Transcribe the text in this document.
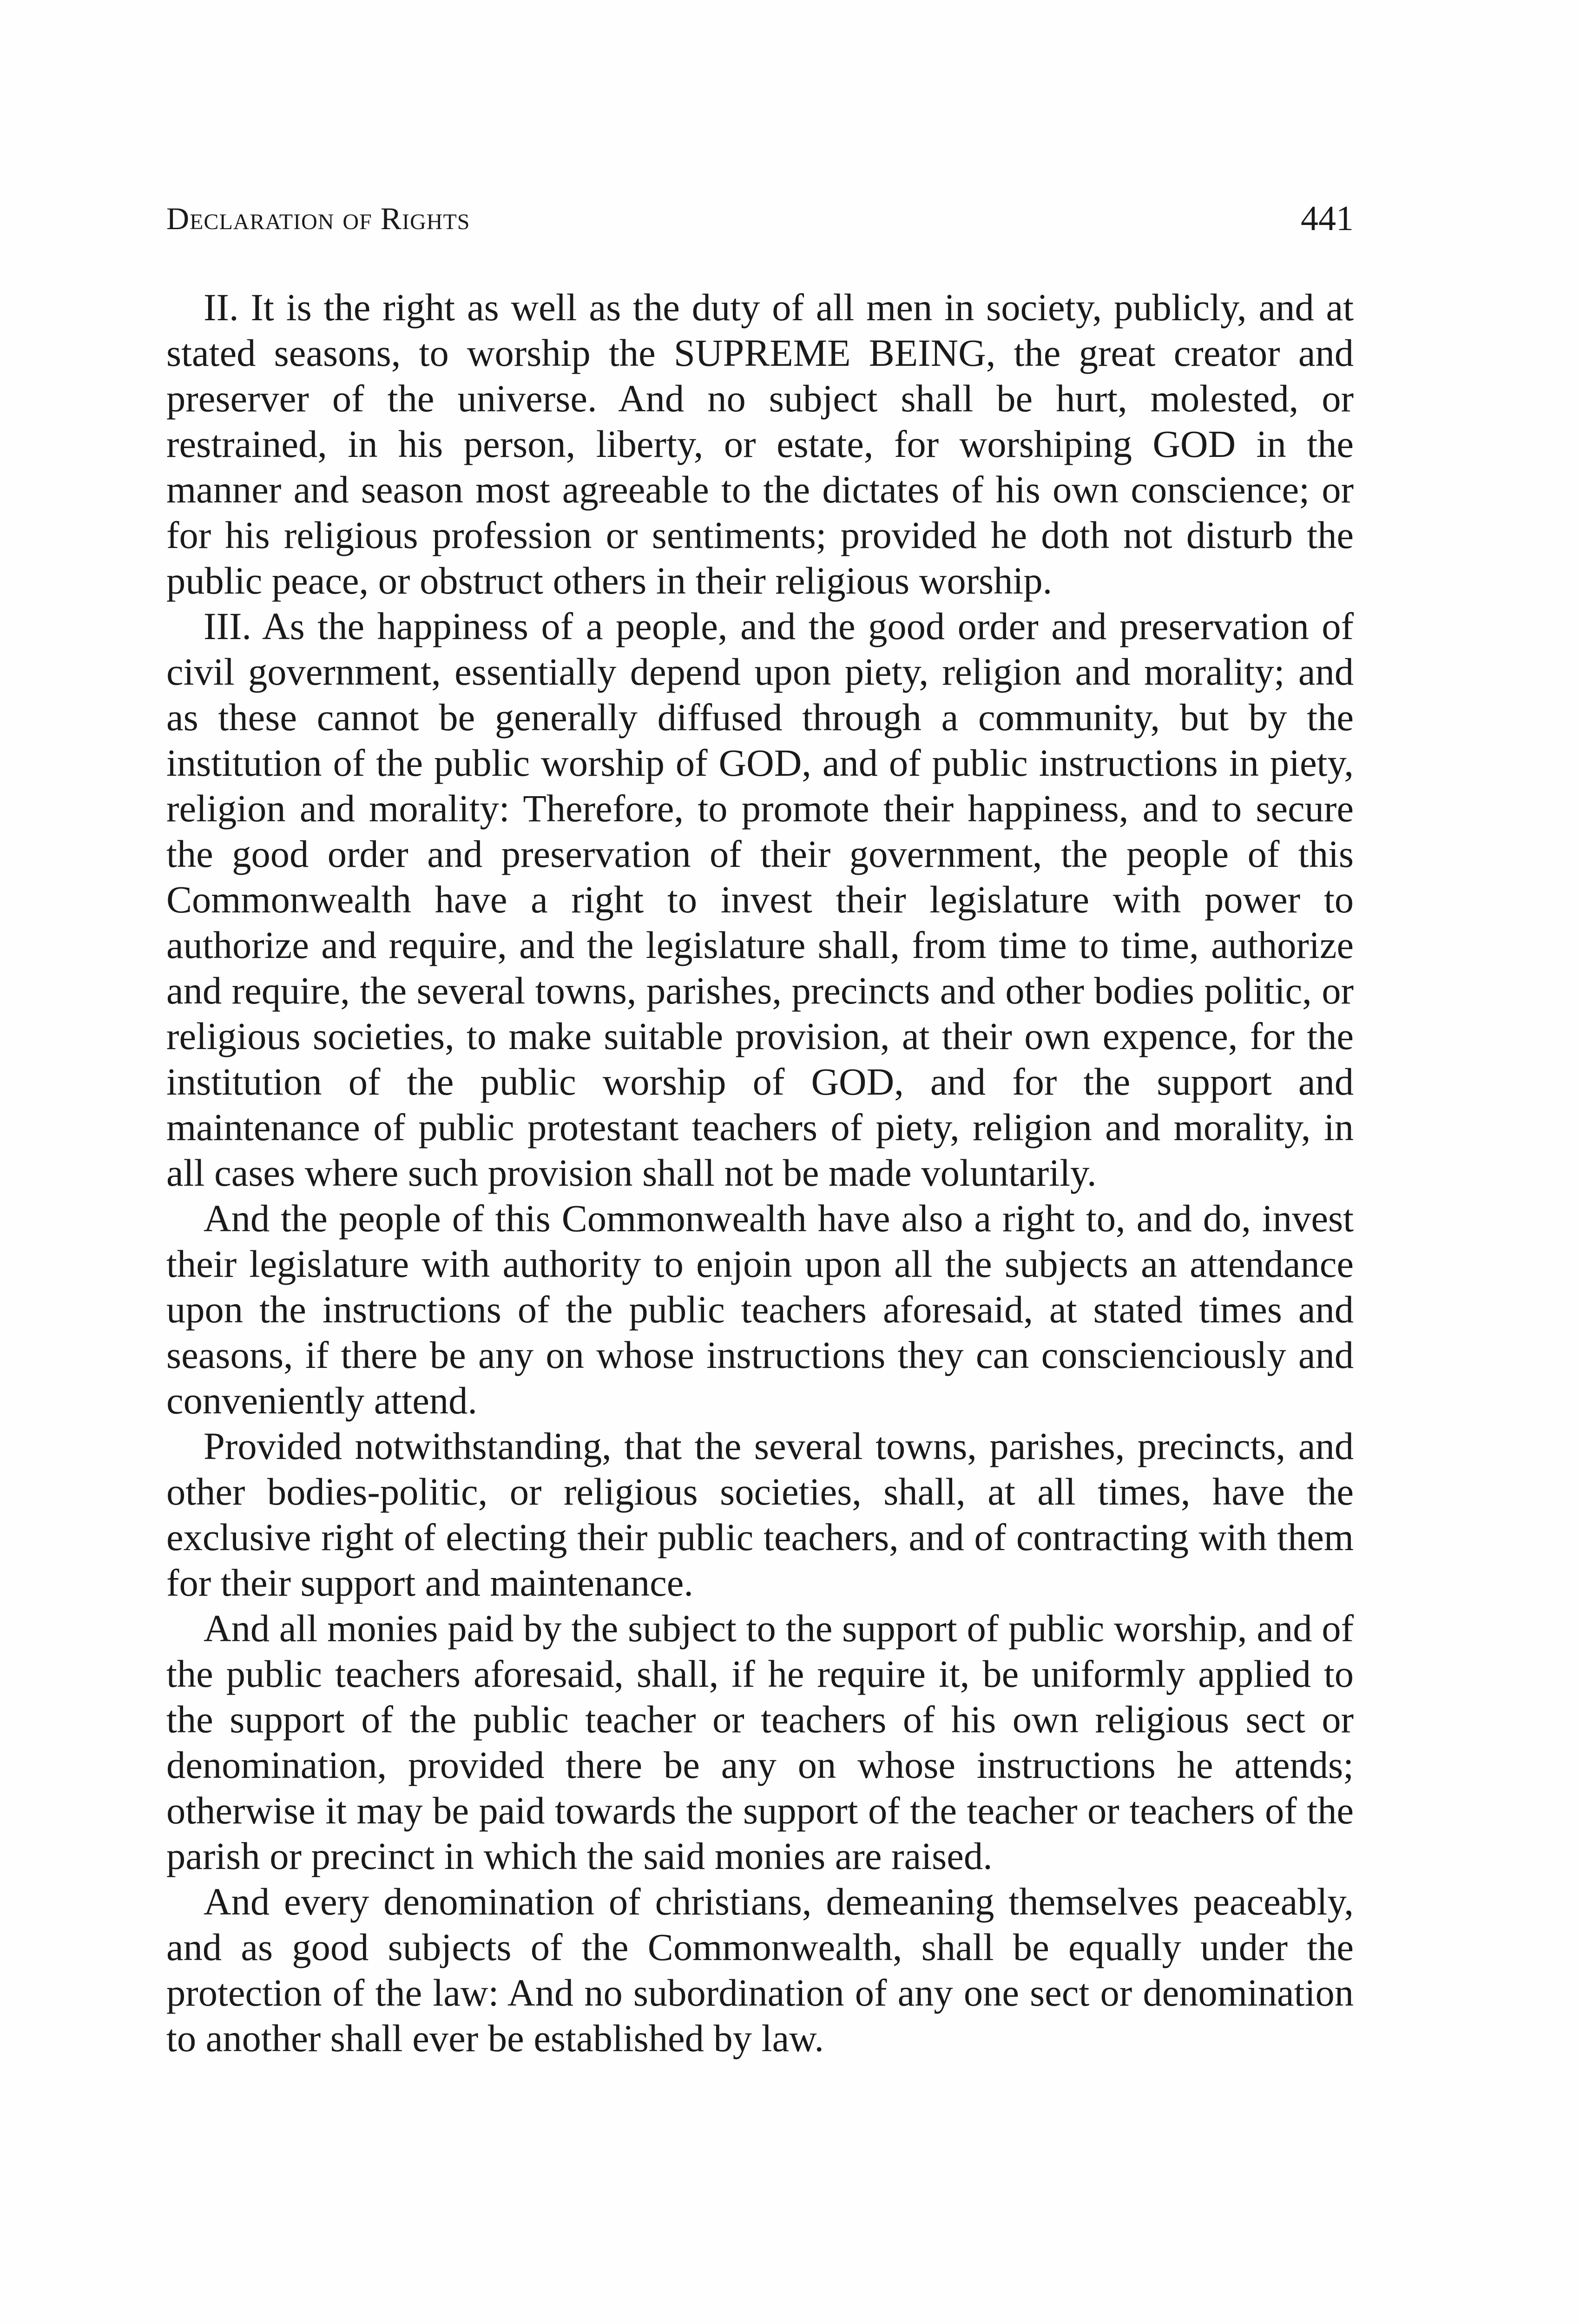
Declaration of Rights	441

II. It is the right as well as the duty of all men in society, publicly, and at stated seasons, to worship the SUPREME BEING, the great creator and preserver of the universe. And no subject shall be hurt, molested, or restrained, in his person, liberty, or estate, for worshiping GOD in the manner and season most agreeable to the dictates of his own conscience; or for his religious profession or sentiments; provided he doth not disturb the public peace, or obstruct others in their religious worship.

III. As the happiness of a people, and the good order and preservation of civil government, essentially depend upon piety, religion and morality; and as these cannot be generally diffused through a community, but by the institution of the public worship of GOD, and of public instructions in piety, religion and morality: Therefore, to promote their happiness, and to secure the good order and preservation of their government, the people of this Commonwealth have a right to invest their legislature with power to authorize and require, and the legislature shall, from time to time, authorize and require, the several towns, parishes, precincts and other bodies politic, or religious societies, to make suitable provision, at their own expence, for the institution of the public worship of GOD, and for the support and maintenance of public protestant teachers of piety, religion and morality, in all cases where such provision shall not be made voluntarily.

And the people of this Commonwealth have also a right to, and do, invest their legislature with authority to enjoin upon all the subjects an attendance upon the instructions of the public teachers aforesaid, at stated times and seasons, if there be any on whose instructions they can conscienciously and conveniently attend.

Provided notwithstanding, that the several towns, parishes, precincts, and other bodies-politic, or religious societies, shall, at all times, have the exclusive right of electing their public teachers, and of contracting with them for their support and maintenance.

And all monies paid by the subject to the support of public worship, and of the public teachers aforesaid, shall, if he require it, be uniformly applied to the support of the public teacher or teachers of his own religious sect or denomination, provided there be any on whose instructions he attends; otherwise it may be paid towards the support of the teacher or teachers of the parish or precinct in which the said monies are raised.

And every denomination of christians, demeaning themselves peaceably, and as good subjects of the Commonwealth, shall be equally under the protection of the law: And no subordination of any one sect or denomination to another shall ever be established by law.
